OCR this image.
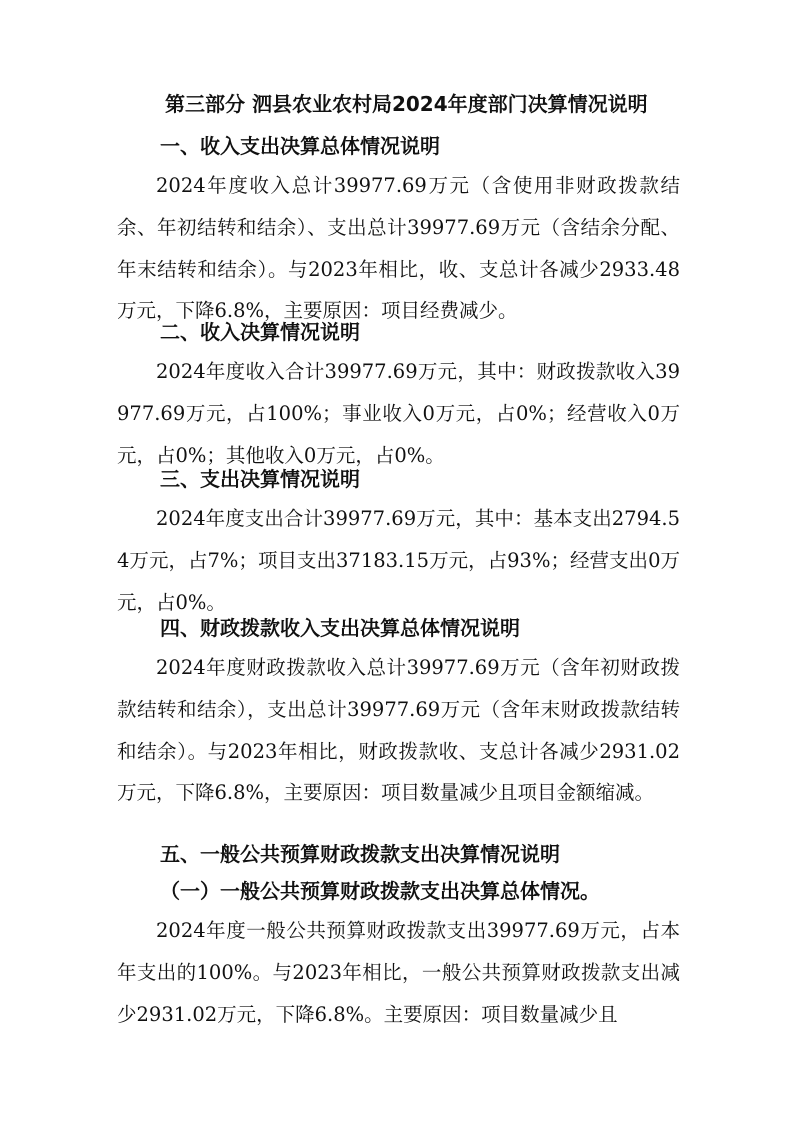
第三部分 泗县农业农村局2024年度部门决算情况说明
一、收入支出决算总体情况说明
2024年度收入总计39977.69万元（含使用非财政拨款结余、年初结转和结余）、支出总计39977.69万元（含结余分配、年末结转和结余）。与2023年相比，收、支总计各减少2933.48万元，下降6.8%，主要原因：项目经费减少。
二、收入决算情况说明
2024年度收入合计39977.69万元，其中：财政拨款收入39977.69万元，占100%；事业收入0万元，占0%；经营收入0万元，占0%；其他收入0万元，占0%。
三、支出决算情况说明
2024年度支出合计39977.69万元，其中：基本支出2794.54万元，占7%；项目支出37183.15万元，占93%；经营支出0万元，占0%。
四、财政拨款收入支出决算总体情况说明
2024年度财政拨款收入总计39977.69万元（含年初财政拨款结转和结余），支出总计39977.69万元（含年末财政拨款结转和结余）。与2023年相比，财政拨款收、支总计各减少2931.02万元，下降6.8%，主要原因：项目数量减少且项目金额缩减。
五、一般公共预算财政拨款支出决算情况说明
（一）一般公共预算财政拨款支出决算总体情况。
2024年度一般公共预算财政拨款支出39977.69万元，占本年支出的100%。与2023年相比，一般公共预算财政拨款支出减少2931.02万元，下降6.8%。主要原因：项目数量减少且
